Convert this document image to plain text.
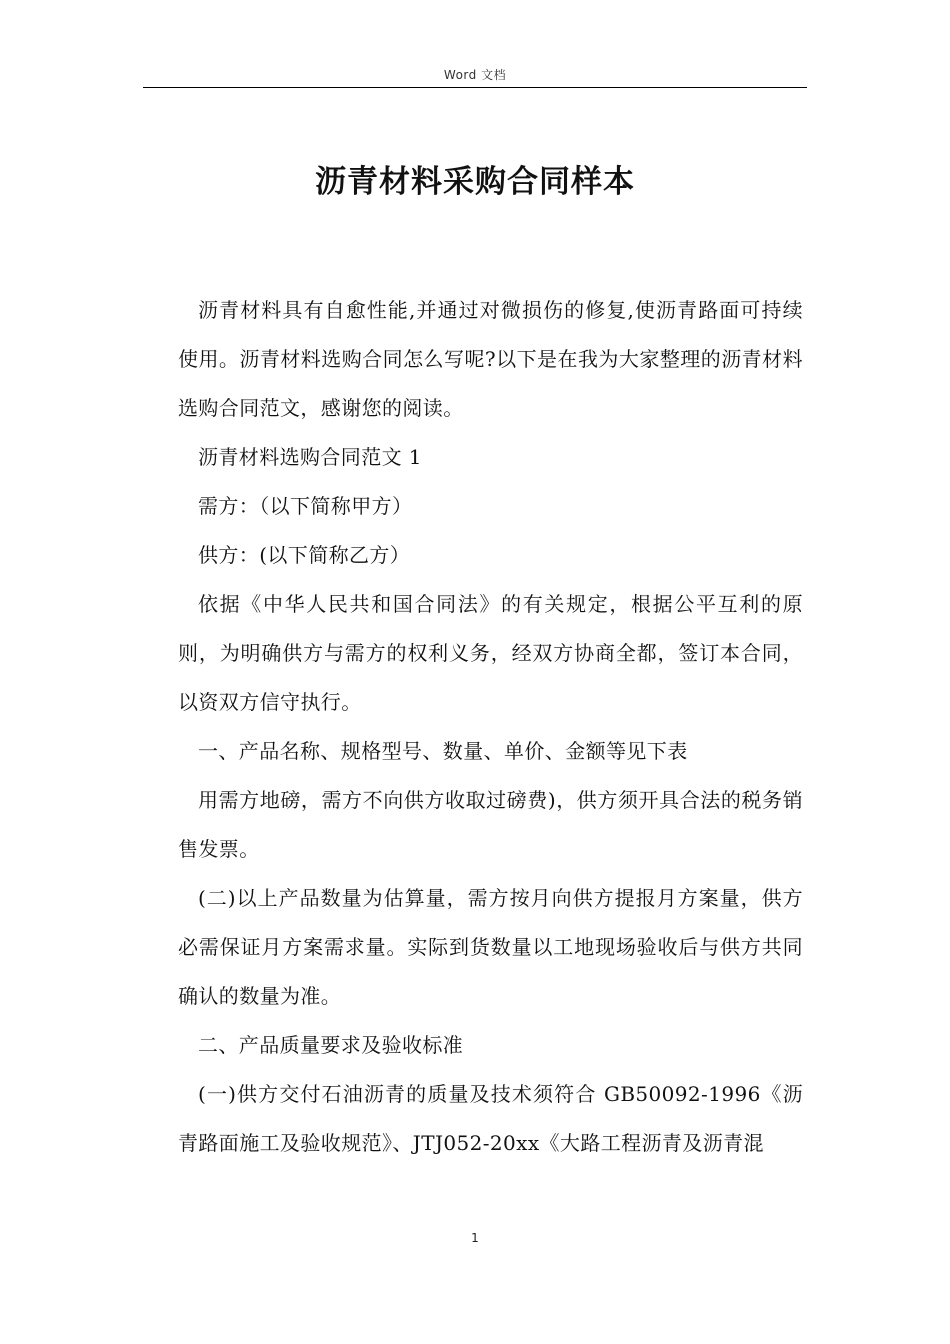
Word 文档
沥青材料采购合同样本

沥青材料具有自愈性能,并通过对微损伤的修复,使沥青路面可持续使用。沥青材料选购合同怎么写呢?以下是在我为大家整理的沥青材料选购合同范文，感谢您的阅读。

沥青材料选购合同范文 1

需方：（以下简称甲方）

供方：(以下简称乙方）

依据《中华人民共和国合同法》的有关规定，根据公平互利的原则，为明确供方与需方的权利义务，经双方协商全都，签订本合同，以资双方信守执行。

一、产品名称、规格型号、数量、单价、金额等见下表

用需方地磅，需方不向供方收取过磅费)，供方须开具合法的税务销售发票。

(二)以上产品数量为估算量，需方按月向供方提报月方案量，供方必需保证月方案需求量。实际到货数量以工地现场验收后与供方共同确认的数量为准。

二、产品质量要求及验收标准

(一)供方交付石油沥青的质量及技术须符合 GB50092-1996《沥青路面施工及验收规范》、JTJ052-20xx《大路工程沥青及沥青混

1
